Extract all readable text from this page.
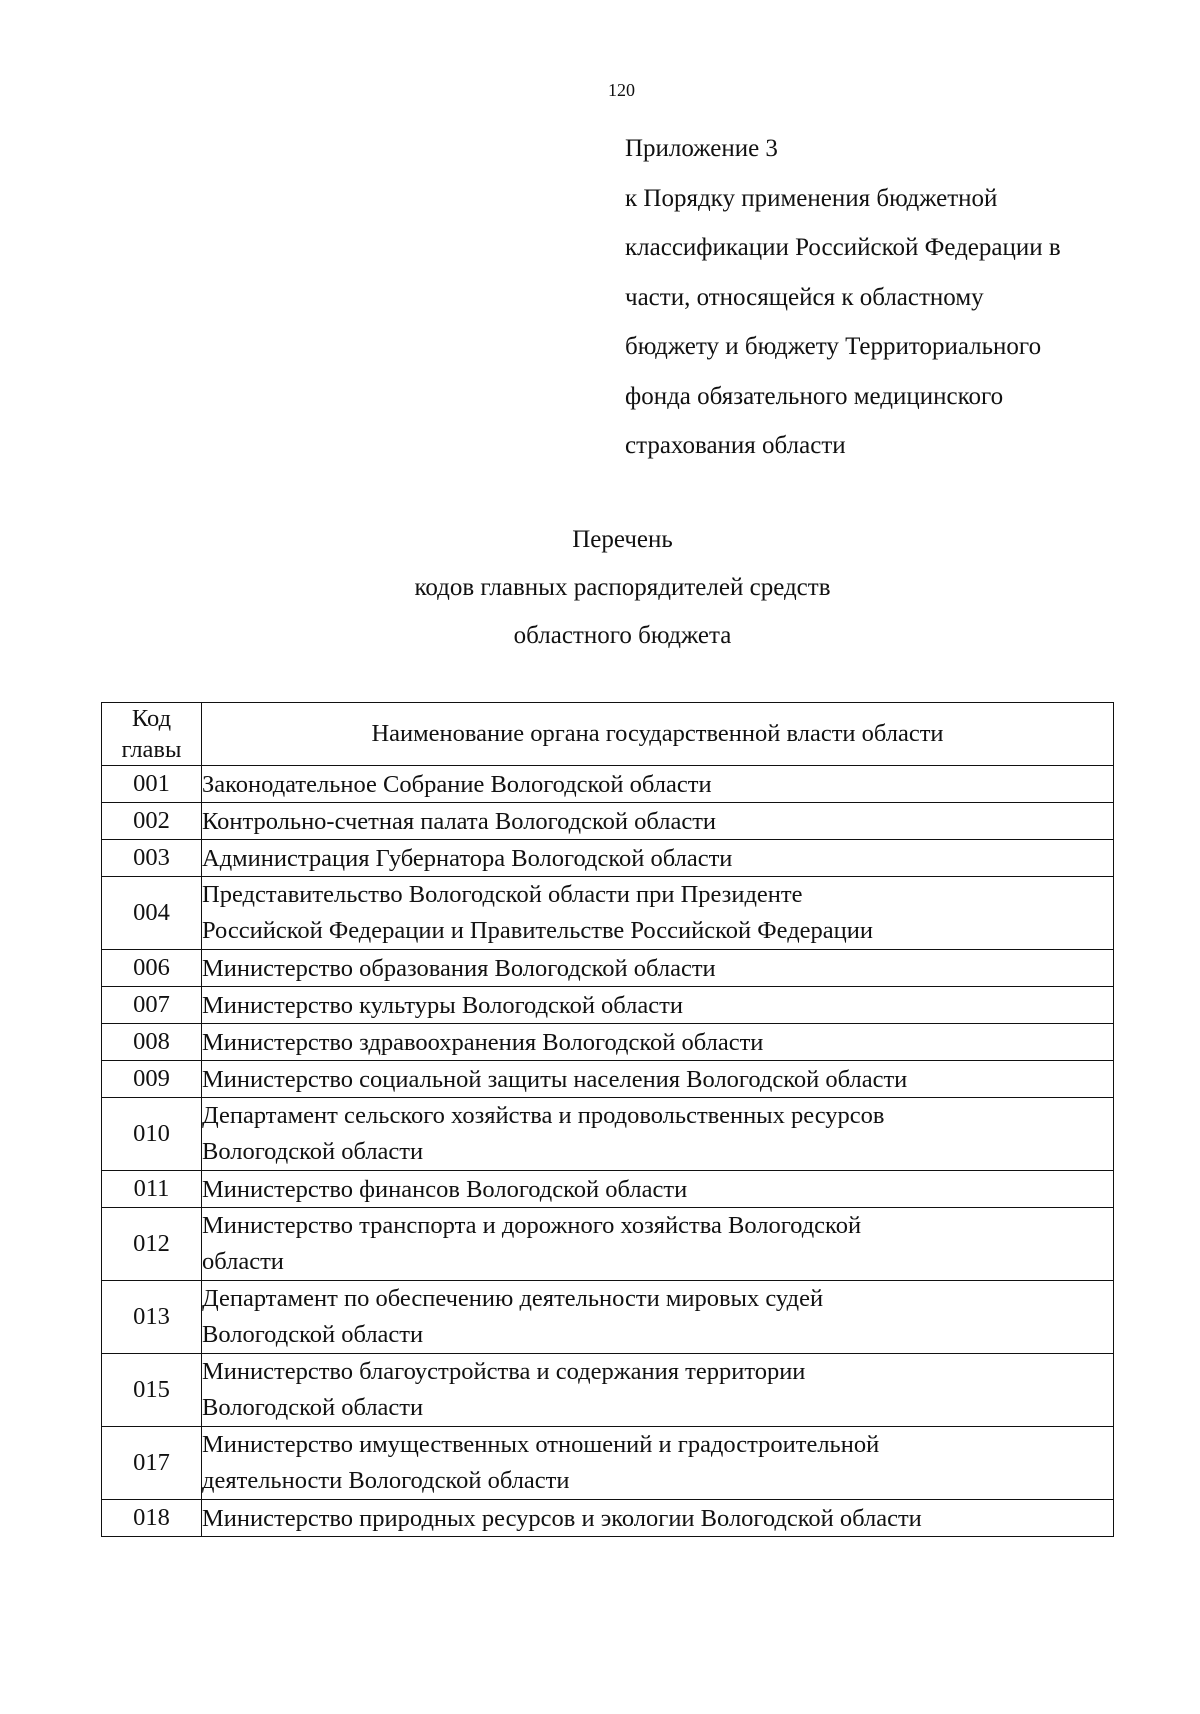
120
Приложение 3
к Порядку применения бюджетной
классификации Российской Федерации в
части, относящейся к областному
бюджету и бюджету Территориального
фонда обязательного медицинского
страхования области
Перечень
кодов главных распорядителей средств
областного бюджета
Код
главы	Наименование органа государственной власти области
001	Законодательное Собрание Вологодской области

002	Контрольно-счетная палата Вологодской области

003	Администрация Губернатора Вологодской области

004	Представительство Вологодской области при Президенте
Российской Федерации и Правительстве Российской Федерации

006	Министерство образования Вологодской области

007	Министерство культуры Вологодской области

008	Министерство здравоохранения Вологодской области

009	Министерство социальной защиты населения Вологодской области

010	Департамент сельского хозяйства и продовольственных ресурсов
Вологодской области

011	Министерство финансов Вологодской области

012	Министерство транспорта и дорожного хозяйства Вологодской
области

013	Департамент по обеспечению деятельности мировых судей
Вологодской области

015	Министерство благоустройства и содержания территории
Вологодской области

017	Министерство имущественных отношений и градостроительной
деятельности Вологодской области

018	Министерство природных ресурсов и экологии Вологодской области
